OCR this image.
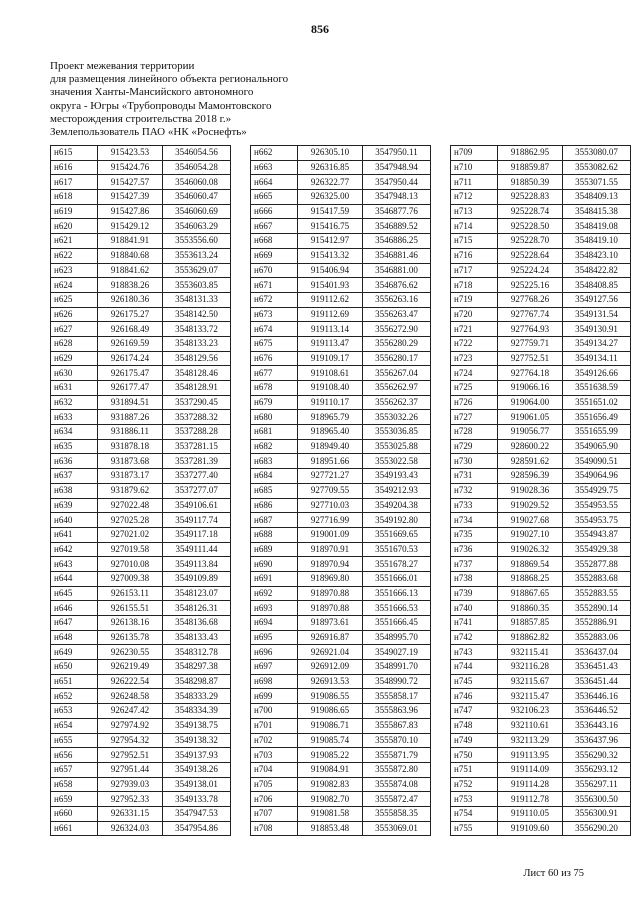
856
Проект межевания территории
для размещения линейного объекта регионального
значения Ханты-Мансийского автономного
округа - Югры «Трубопроводы Мамонтовского
месторождения строительства 2018 г.»
Землепользователь ПАО «НК «Роснефть»
н615	915423.53	3546054.56
н616	915424.76	3546054.28
н617	915427.57	3546060.08
н618	915427.39	3546060.47
н619	915427.86	3546060.69
н620	915429.12	3546063.29
н621	918841.91	3553556.60
н622	918840.68	3553613.24
н623	918841.62	3553629.07
н624	918838.26	3553603.85
н625	926180.36	3548131.33
н626	926175.27	3548142.50
н627	926168.49	3548133.72
н628	926169.59	3548133.23
н629	926174.24	3548129.56
н630	926175.47	3548128.46
н631	926177.47	3548128.91
н632	931894.51	3537290.45
н633	931887.26	3537288.32
н634	931886.11	3537288.28
н635	931878.18	3537281.15
н636	931873.68	3537281.39
н637	931873.17	3537277.40
н638	931879.62	3537277.07
н639	927022.48	3549106.61
н640	927025.28	3549117.74
н641	927021.02	3549117.18
н642	927019.58	3549111.44
н643	927010.08	3549113.84
н644	927009.38	3549109.89
н645	926153.11	3548123.07
н646	926155.51	3548126.31
н647	926138.16	3548136.68
н648	926135.78	3548133.43
н649	926230.55	3548312.78
н650	926219.49	3548297.38
н651	926222.54	3548298.87
н652	926248.58	3548333.29
н653	926247.42	3548334.39
н654	927974.92	3549138.75
н655	927954.32	3549138.32
н656	927952.51	3549137.93
н657	927951.44	3549138.26
н658	927939.03	3549138.01
н659	927952.33	3549133.78
н660	926331.15	3547947.53
н661	926324.03	3547954.86
н662	926305.10	3547950.11
н663	926316.85	3547948.94
н664	926322.77	3547950.44
н665	926325.00	3547948.13
н666	915417.59	3546877.76
н667	915416.75	3546889.52
н668	915412.97	3546886.25
н669	915413.32	3546881.46
н670	915406.94	3546881.00
н671	915401.93	3546876.62
н672	919112.62	3556263.16
н673	919112.69	3556263.47
н674	919113.14	3556272.90
н675	919113.47	3556280.29
н676	919109.17	3556280.17
н677	919108.61	3556267.04
н678	919108.40	3556262.97
н679	919110.17	3556262.37
н680	918965.79	3553032.26
н681	918965.40	3553036.85
н682	918949.40	3553025.88
н683	918951.66	3553022.58
н684	927721.27	3549193.43
н685	927709.55	3549212.93
н686	927710.03	3549204.38
н687	927716.99	3549192.80
н688	919001.09	3551669.65
н689	918970.91	3551670.53
н690	918970.94	3551678.27
н691	918969.80	3551666.01
н692	918970.88	3551666.13
н693	918970.88	3551666.53
н694	918973.61	3551666.45
н695	926916.87	3548995.70
н696	926921.04	3549027.19
н697	926912.09	3548991.70
н698	926913.53	3548990.72
н699	919086.55	3555858.17
н700	919086.65	3555863.96
н701	919086.71	3555867.83
н702	919085.74	3555870.10
н703	919085.22	3555871.79
н704	919084.91	3555872.80
н705	919082.83	3555874.08
н706	919082.70	3555872.47
н707	919081.58	3555858.35
н708	918853.48	3553069.01
н709	918862.95	3553080.07
н710	918859.87	3553082.62
н711	918850.39	3553071.55
н712	925228.83	3548409.13
н713	925228.74	3548415.38
н714	925228.50	3548419.08
н715	925228.70	3548419.10
н716	925228.64	3548423.10
н717	925224.24	3548422.82
н718	925225.16	3548408.85
н719	927768.26	3549127.56
н720	927767.74	3549131.54
н721	927764.93	3549130.91
н722	927759.71	3549134.27
н723	927752.51	3549134.11
н724	927764.18	3549126.66
н725	919066.16	3551638.59
н726	919064.00	3551651.02
н727	919061.05	3551656.49
н728	919056.77	3551655.99
н729	928600.22	3549065.90
н730	928591.62	3549090.51
н731	928596.39	3549064.96
н732	919028.36	3554929.75
н733	919029.52	3554953.55
н734	919027.68	3554953.75
н735	919027.10	3554943.87
н736	919026.32	3554929.38
н737	918869.54	3552877.88
н738	918868.25	3552883.68
н739	918867.65	3552883.55
н740	918860.35	3552890.14
н741	918857.85	3552886.91
н742	918862.82	3552883.06
н743	932115.41	3536437.04
н744	932116.28	3536451.43
н745	932115.67	3536451.44
н746	932115.47	3536446.16
н747	932106.23	3536446.52
н748	932110.61	3536443.16
н749	932113.29	3536437.96
н750	919113.95	3556290.32
н751	919114.09	3556293.12
н752	919114.28	3556297.11
н753	919112.78	3556300.50
н754	919110.05	3556300.91
н755	919109.60	3556290.20
Лист 60 из 75
